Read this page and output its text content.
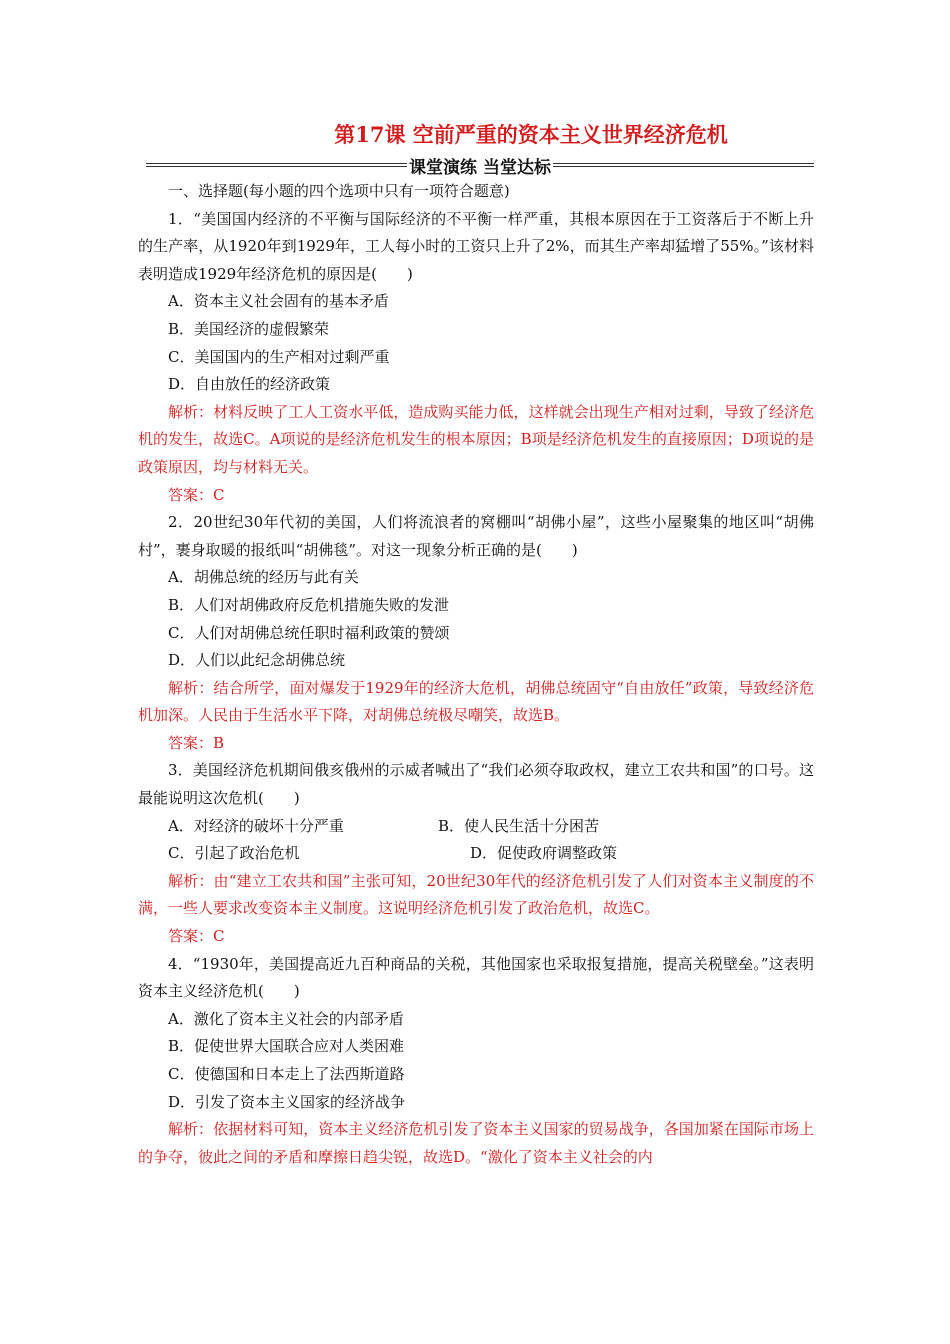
第17课 空前严重的资本主义世界经济危机
课堂演练 当堂达标

一、选择题(每小题的四个选项中只有一项符合题意)

1．“美国国内经济的不平衡与国际经济的不平衡一样严重，其根本原因在于工资落后于不断上升的生产率，从1920年到1929年，工人每小时的工资只上升了2%，而其生产率却猛增了55%。”该材料表明造成1929年经济危机的原因是(　　)

A．资本主义社会固有的基本矛盾

B．美国经济的虚假繁荣

C．美国国内的生产相对过剩严重

D．自由放任的经济政策

解析：材料反映了工人工资水平低，造成购买能力低，这样就会出现生产相对过剩，导致了经济危机的发生，故选C。A项说的是经济危机发生的根本原因；B项是经济危机发生的直接原因；D项说的是政策原因，均与材料无关。

答案：C

2．20世纪30年代初的美国，人们将流浪者的窝棚叫“胡佛小屋”，这些小屋聚集的地区叫“胡佛村”，裹身取暖的报纸叫“胡佛毯”。对这一现象分析正确的是(　　)

A．胡佛总统的经历与此有关

B．人们对胡佛政府反危机措施失败的发泄

C．人们对胡佛总统任职时福利政策的赞颂

D．人们以此纪念胡佛总统

解析：结合所学，面对爆发于1929年的经济大危机，胡佛总统固守“自由放任”政策，导致经济危机加深。人民由于生活水平下降，对胡佛总统极尽嘲笑，故选B。

答案：B

3．美国经济危机期间俄亥俄州的示威者喊出了“我们必须夺取政权，建立工农共和国”的口号。这最能说明这次危机(　　)

A．对经济的破坏十分严重	B．使人民生活十分困苦
C．引起了政治危机	D．促使政府调整政策

解析：由“建立工农共和国”主张可知，20世纪30年代的经济危机引发了人们对资本主义制度的不满，一些人要求改变资本主义制度。这说明经济危机引发了政治危机，故选C。

答案：C

4．“1930年，美国提高近九百种商品的关税，其他国家也采取报复措施，提高关税壁垒。”这表明资本主义经济危机(　　)

A．激化了资本主义社会的内部矛盾

B．促使世界大国联合应对人类困难

C．使德国和日本走上了法西斯道路

D．引发了资本主义国家的经济战争

解析：依据材料可知，资本主义经济危机引发了资本主义国家的贸易战争，各国加紧在国际市场上的争夺，彼此之间的矛盾和摩擦日趋尖锐，故选D。“激化了资本主义社会的内
